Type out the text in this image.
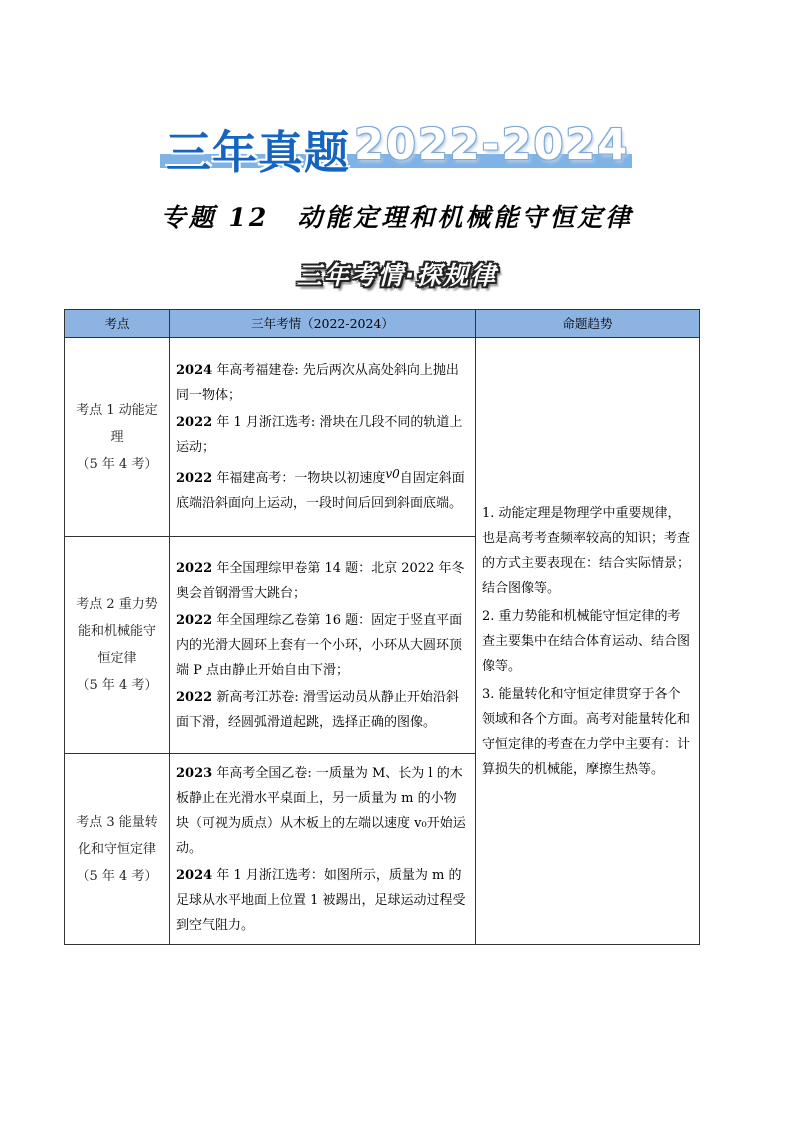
三年真题 2022-2024
专题 12　动能定理和机械能守恒定律
三年考情·探规律
考点	三年考情（2022-2024）	命题趋势

考点 1 动能定
理
（5 年 4 考）	2024 年高考福建卷: 先后两次从高处斜向上抛出同一物体；
2022 年 1 月浙江选考: 滑块在几段不同的轨道上运动；
2022 年福建高考：一物块以初速度v0自固定斜面底端沿斜面向上运动，一段时间后回到斜面底端。	1. 动能定理是物理学中重要规律，也是高考考查频率较高的知识；考查的方式主要表现在：结合实际情景；结合图像等。
2. 重力势能和机械能守恒定律的考查主要集中在结合体育运动、结合图像等。
3. 能量转化和守恒定律贯穿于各个领域和各个方面。高考对能量转化和守恒定律的考查在力学中主要有：计算损失的机械能，摩擦生热等。

考点 2 重力势
能和机械能守
恒定律
（5 年 4 考）	2022 年全国理综甲卷第 14 题：北京 2022 年冬奥会首钢滑雪大跳台；
2022 年全国理综乙卷第 16 题：固定于竖直平面内的光滑大圆环上套有一个小环，小环从大圆环顶端 P 点由静止开始自由下滑；
2022 新高考江苏卷: 滑雪运动员从静止开始沿斜面下滑，经圆弧滑道起跳，选择正确的图像。	

考点 3 能量转
化和守恒定律
（5 年 4 考）	2023 年高考全国乙卷: 一质量为 M、长为 l 的木板静止在光滑水平桌面上，另一质量为 m 的小物块（可视为质点）从木板上的左端以速度 v₀开始运动。
2024 年 1 月浙江选考：如图所示，质量为 m 的足球从水平地面上位置 1 被踢出，足球运动过程受到空气阻力。	
